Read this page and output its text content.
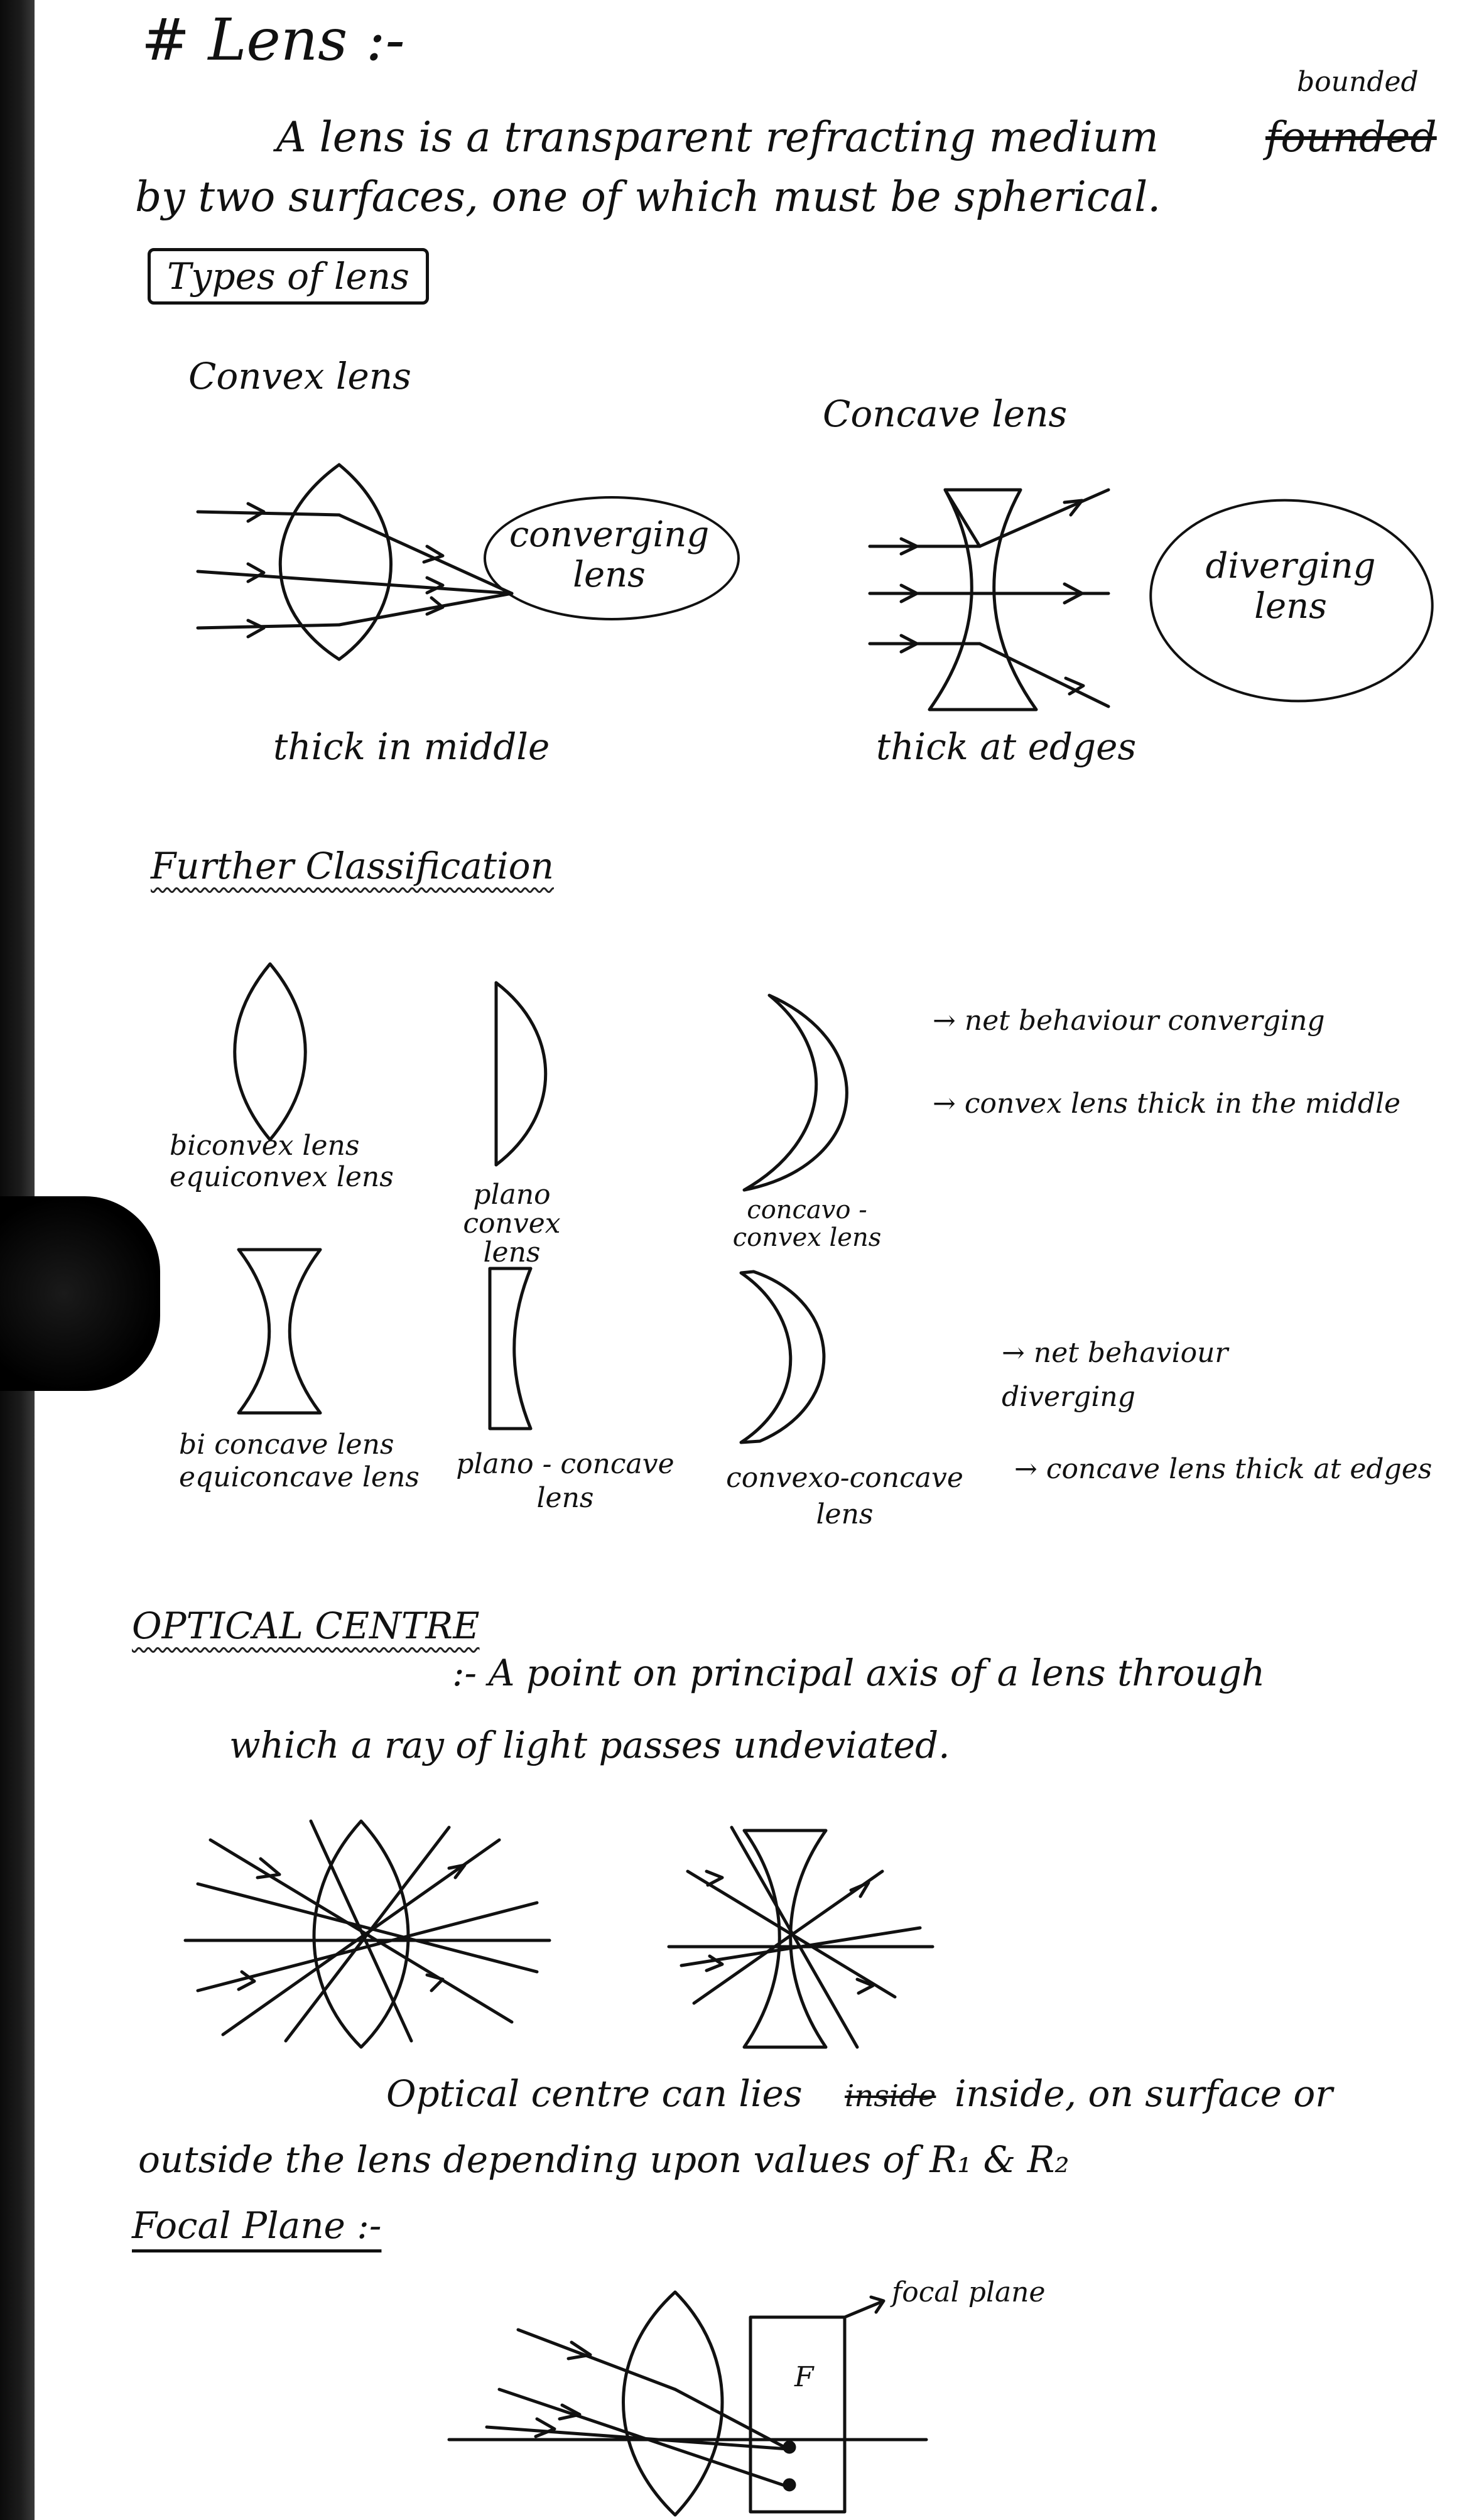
# Lens :-
A lens is a transparent refracting medium
bounded
founded
by two surfaces, one of which must be spherical.
Types of lens
Convex lens
Concave lens
converging lens	diverging lens
thick in middle	thick at edges
Further Classification
biconvex lens
equiconvex lens
plano convex lens
concavo - convex lens
→ net behaviour converging
→ convex lens thick in the middle
bi concave lens
equiconcave lens	plano - concave lens
convexo-concave lens
→ net behaviour diverging
→ concave lens thick at edges
OPTICAL CENTRE
:- A point on principal axis of a lens through
which a ray of light passes undeviated.
Optical centre can lies inside inside, on surface or
outside the lens depending upon values of R₁ & R₂
Focal Plane :-
F
focal plane
